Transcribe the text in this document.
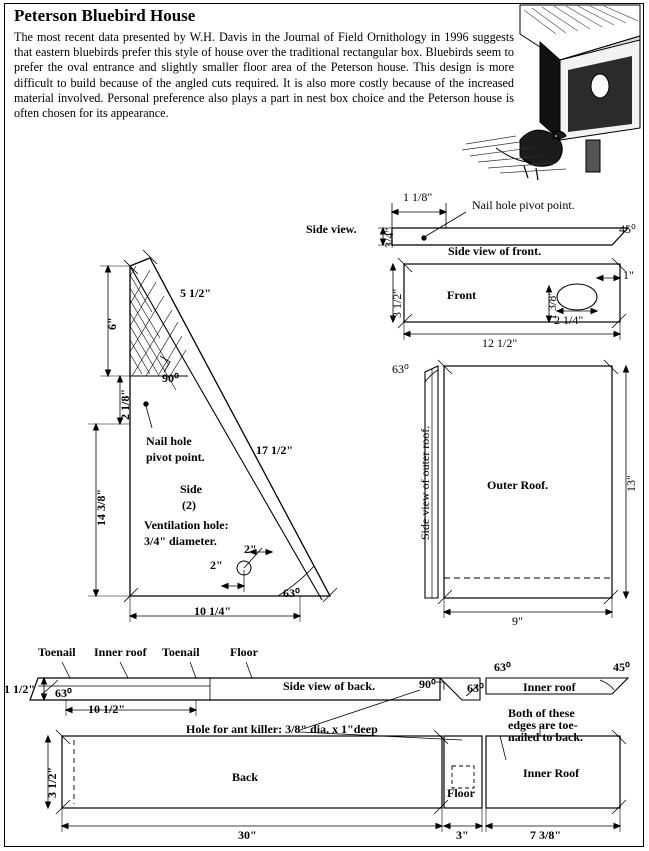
Peterson Bluebird House
The most recent data presented by W.H. Davis in the Journal of Field Ornithology in 1996 suggests that eastern bluebirds prefer this style of house over the traditional rectangular box. Bluebirds seem to prefer the oval entrance and slightly smaller floor area of the Peterson house. This design is more difficult to build because of the angled cuts required. It is also more costly because of the increased material involved. Personal preference also plays a part in nest box choice and the Peterson house is often chosen for its appearance.
1 1/8"
Nail hole pivot point.
Side view.
Side view of front.
45⁰
3/4"
3 1/2"	Front	1 3/8"
1"
2 1/4"
12 1/2"
63⁰
Side view of outer roof.	Outer Roof.	13"
9"
5 1/2"
6"
90⁰
2 1/8"
Nail hole
pivot point.
14 3/8"
17 1/2"
Side
(2)
Ventilation hole:
3/4" diameter.
2"
2"
63⁰
10 1/4"
Toenail Inner roof Toenail	Floor
1 1/2" 63⁰
10 1/2"
Side view of back.	90⁰	63⁰
63⁰
Inner roof
45⁰
Hole for ant killer: 3/8" dia. x 1"deep
Both of these
edges are toe-
nailed to back.
Back
Floor
Inner Roof
3 1/2"
30"	3"	7 3/8"
